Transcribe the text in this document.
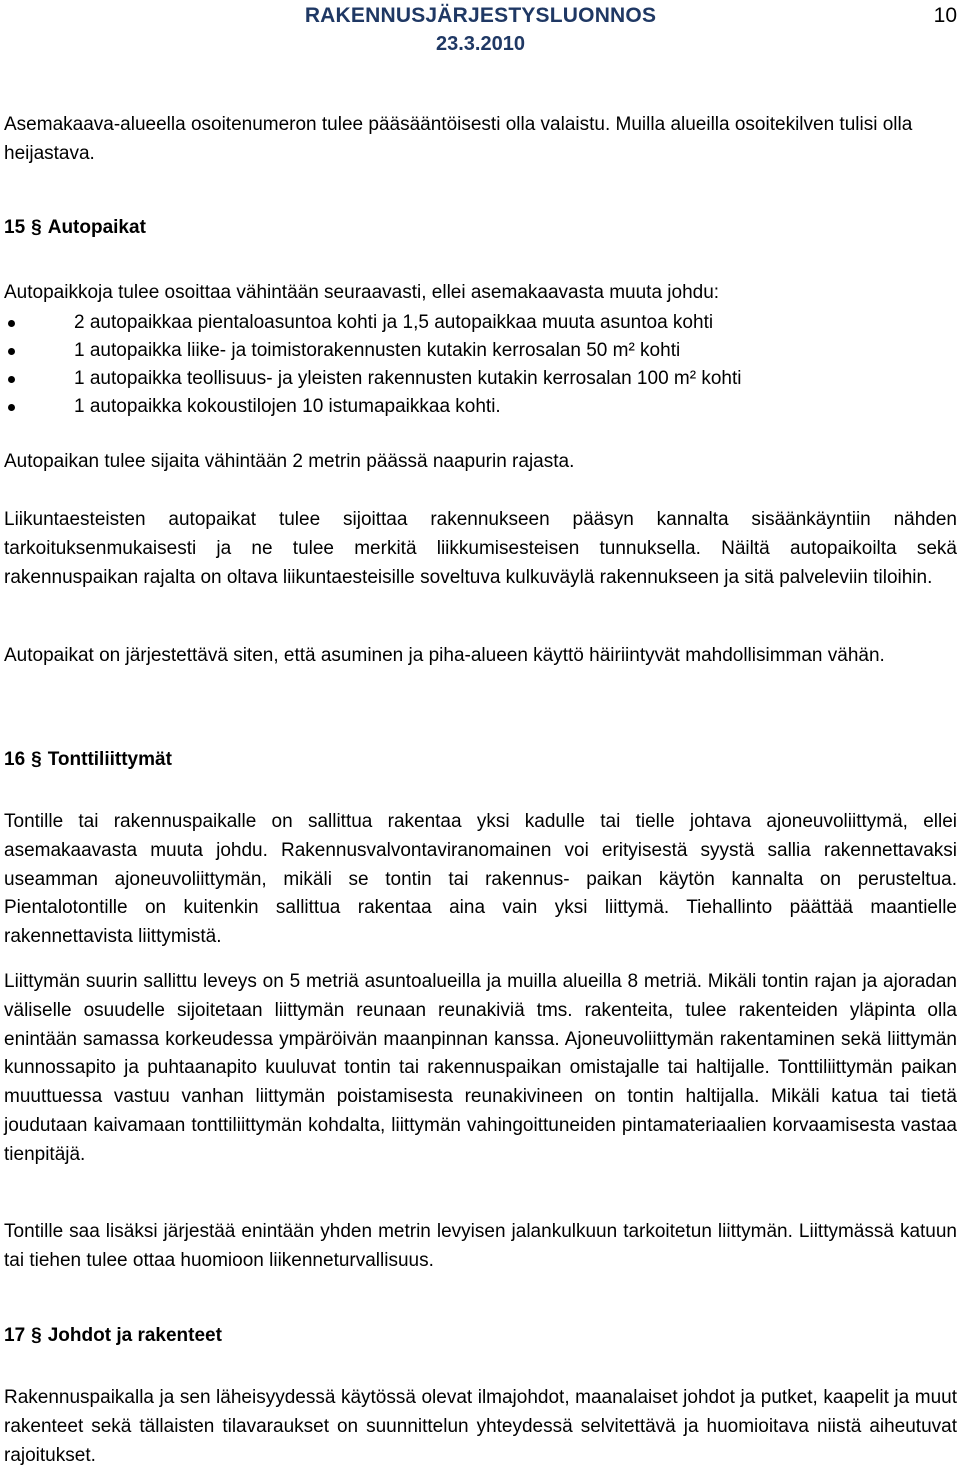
RAKENNUSJÄRJESTYSLUONNOS
23.3.2010
10
Asemakaava-alueella osoitenumeron tulee pääsääntöisesti olla valaistu. Muilla alueilla osoitekilven tulisi olla heijastava.
15 § Autopaikat
Autopaikkoja tulee osoittaa vähintään seuraavasti, ellei asemakaavasta muuta johdu:
2 autopaikkaa pientaloasuntoa kohti ja 1,5 autopaikkaa muuta asuntoa kohti
1 autopaikka liike- ja toimistorakennusten kutakin kerrosalan 50 m² kohti
1 autopaikka teollisuus- ja yleisten rakennusten kutakin kerrosalan 100 m² kohti
1 autopaikka kokoustilojen 10 istumapaikkaa kohti.
Autopaikan tulee sijaita vähintään 2 metrin päässä naapurin rajasta.
Liikuntaesteisten autopaikat tulee sijoittaa rakennukseen pääsyn kannalta sisäänkäyntiin nähden tarkoituksenmukaisesti ja ne tulee merkitä liikkumisesteisen tunnuksella. Näiltä autopaikoilta sekä rakennuspaikan rajalta on oltava liikuntaesteisille soveltuva kulkuväylä rakennukseen ja sitä palveleviin tiloihin.
Autopaikat on järjestettävä siten, että asuminen ja piha-alueen käyttö häiriintyvät mahdollisimman vähän.
16 § Tonttiliittymät
Tontille tai rakennuspaikalle on sallittua rakentaa yksi kadulle tai tielle johtava ajoneuvoliittymä, ellei asemakaavasta muuta johdu. Rakennusvalvontaviranomainen voi erityisestä syystä sallia rakennettavaksi useamman ajoneuvoliittymän, mikäli se tontin tai rakennus- paikan käytön kannalta on perusteltua. Pientalotontille on kuitenkin sallittua rakentaa aina vain yksi liittymä. Tiehallinto päättää maantielle rakennettavista liittymistä.
Liittymän suurin sallittu leveys on 5 metriä asuntoalueilla ja muilla alueilla 8 metriä. Mikäli tontin rajan ja ajoradan väliselle osuudelle sijoitetaan liittymän reunaan reunakiviä tms. rakenteita, tulee rakenteiden yläpinta olla enintään samassa korkeudessa ympäröivän maanpinnan kanssa. Ajoneuvoliittymän rakentaminen sekä liittymän kunnossapito ja puhtaanapito kuuluvat tontin tai rakennuspaikan omistajalle tai haltijalle. Tonttiliittymän paikan muuttuessa vastuu vanhan liittymän poistamisesta reunakivineen on tontin haltijalla. Mikäli katua tai tietä joudutaan kaivamaan tonttiliittymän kohdalta, liittymän vahingoittuneiden pintamateriaalien korvaamisesta vastaa tienpitäjä.
Tontille saa lisäksi järjestää enintään yhden metrin levyisen jalankulkuun tarkoitetun liittymän. Liittymässä katuun tai tiehen tulee ottaa huomioon liikenneturvallisuus.
17 § Johdot ja rakenteet
Rakennuspaikalla ja sen läheisyydessä käytössä olevat ilmajohdot, maanalaiset johdot ja putket, kaapelit ja muut rakenteet sekä tällaisten tilavaraukset on suunnittelun yhteydessä selvitettävä ja huomioitava niistä aiheutuvat rajoitukset.
